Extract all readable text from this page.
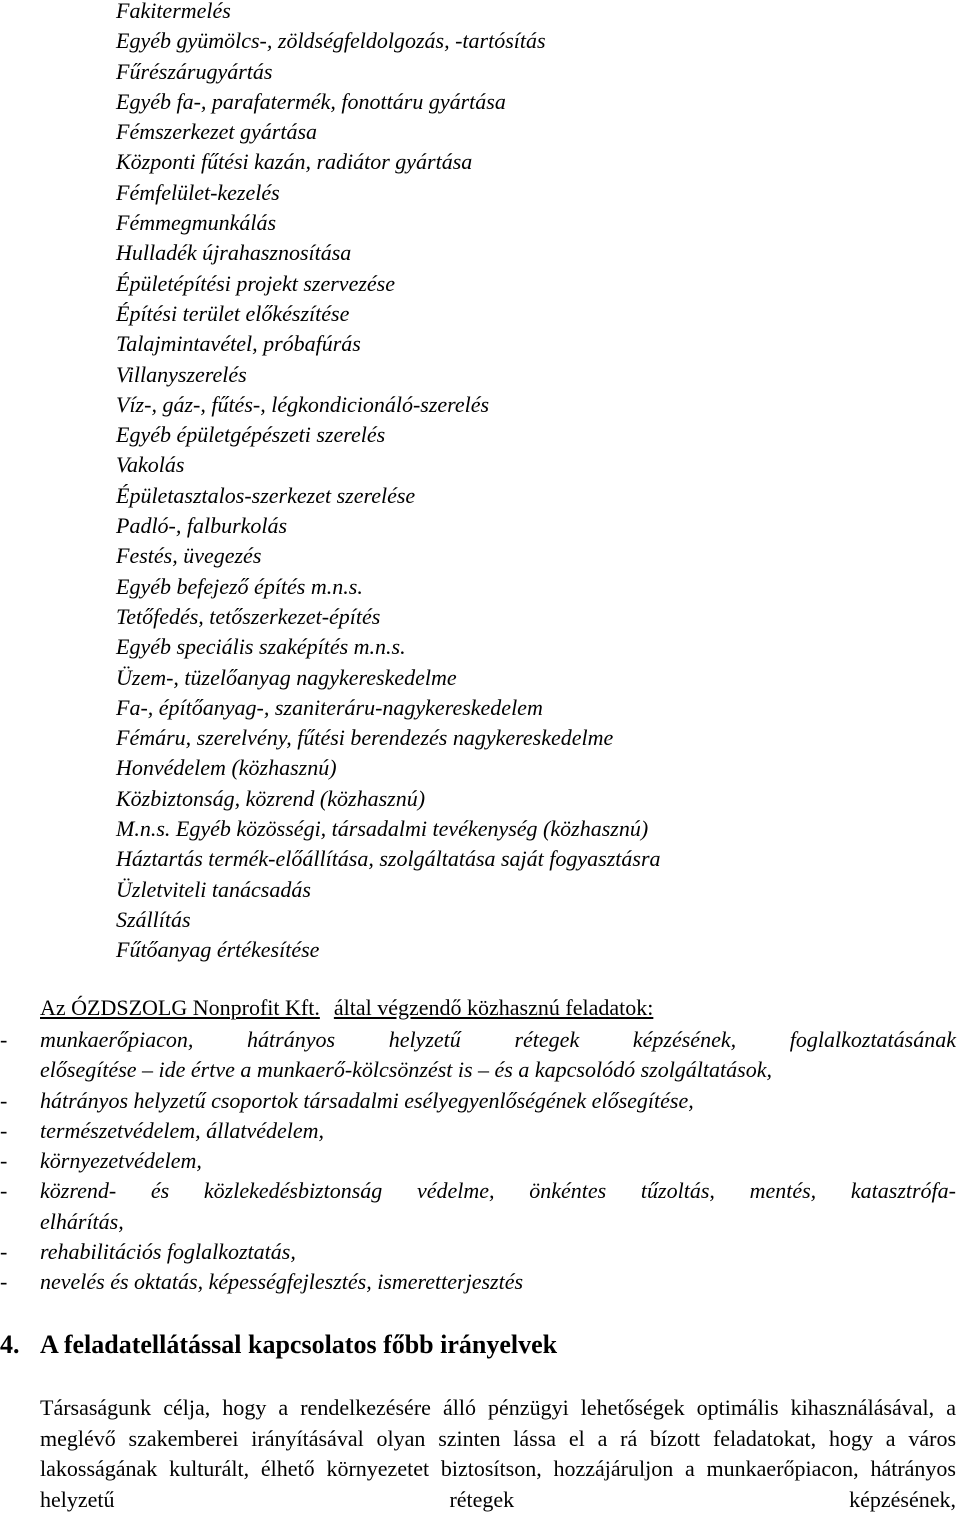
Fakitermelés
Egyéb gyümölcs-, zöldségfeldolgozás, -tartósítás
Fűrészárugyártás
Egyéb fa-, parafatermék, fonottáru gyártása
Fémszerkezet gyártása
Központi fűtési kazán, radiátor gyártása
Fémfelület-kezelés
Fémmegmunkálás
Hulladék újrahasznosítása
Épületépítési projekt szervezése
Építési terület előkészítése
Talajmintavétel, próbafúrás
Villanyszerelés
Víz-, gáz-, fűtés-, légkondicionáló-szerelés
Egyéb épületgépészeti szerelés
Vakolás
Épületasztalos-szerkezet szerelése
Padló-, falburkolás
Festés, üvegezés
Egyéb befejező építés m.n.s.
Tetőfedés, tetőszerkezet-építés
Egyéb speciális szaképítés m.n.s.
Üzem-, tüzelőanyag nagykereskedelme
Fa-, építőanyag-, szaniteráru-nagykereskedelem
Fémáru, szerelvény, fűtési berendezés nagykereskedelme
Honvédelem (közhasznú)
Közbiztonság, közrend (közhasznú)
M.n.s. Egyéb közösségi, társadalmi tevékenység (közhasznú)
Háztartás termék-előállítása, szolgáltatása saját fogyasztásra
Üzletviteli tanácsadás
Szállítás
Fűtőanyag értékesítése
Az ÓZDSZOLG Nonprofit Kft. által végzendő közhasznú feladatok:
- munkaerőpiacon, hátrányos helyzetű rétegek képzésének, foglalkoztatásának
elősegítése – ide értve a munkaerő-kölcsönzést is – és a kapcsolódó szolgáltatások,
- hátrányos helyzetű csoportok társadalmi esélyegyenlőségének elősegítése,
- természetvédelem, állatvédelem,
- környezetvédelem,
- közrend- és közlekedésbiztonság védelme, önkéntes tűzoltás, mentés, katasztrófa-
elhárítás,
- rehabilitációs foglalkoztatás,
- nevelés és oktatás, képességfejlesztés, ismeretterjesztés
4. A feladatellátással kapcsolatos főbb irányelvek

Társaságunk célja, hogy a rendelkezésére álló pénzügyi lehetőségek optimális kihasználásával, a meglévő szakemberei irányításával olyan szinten lássa el a rá bízott feladatokat, hogy a város lakosságának kulturált, élhető környezetet biztosítson, hozzájáruljon a munkaerőpiacon, hátrányos helyzetű rétegek képzésének,
